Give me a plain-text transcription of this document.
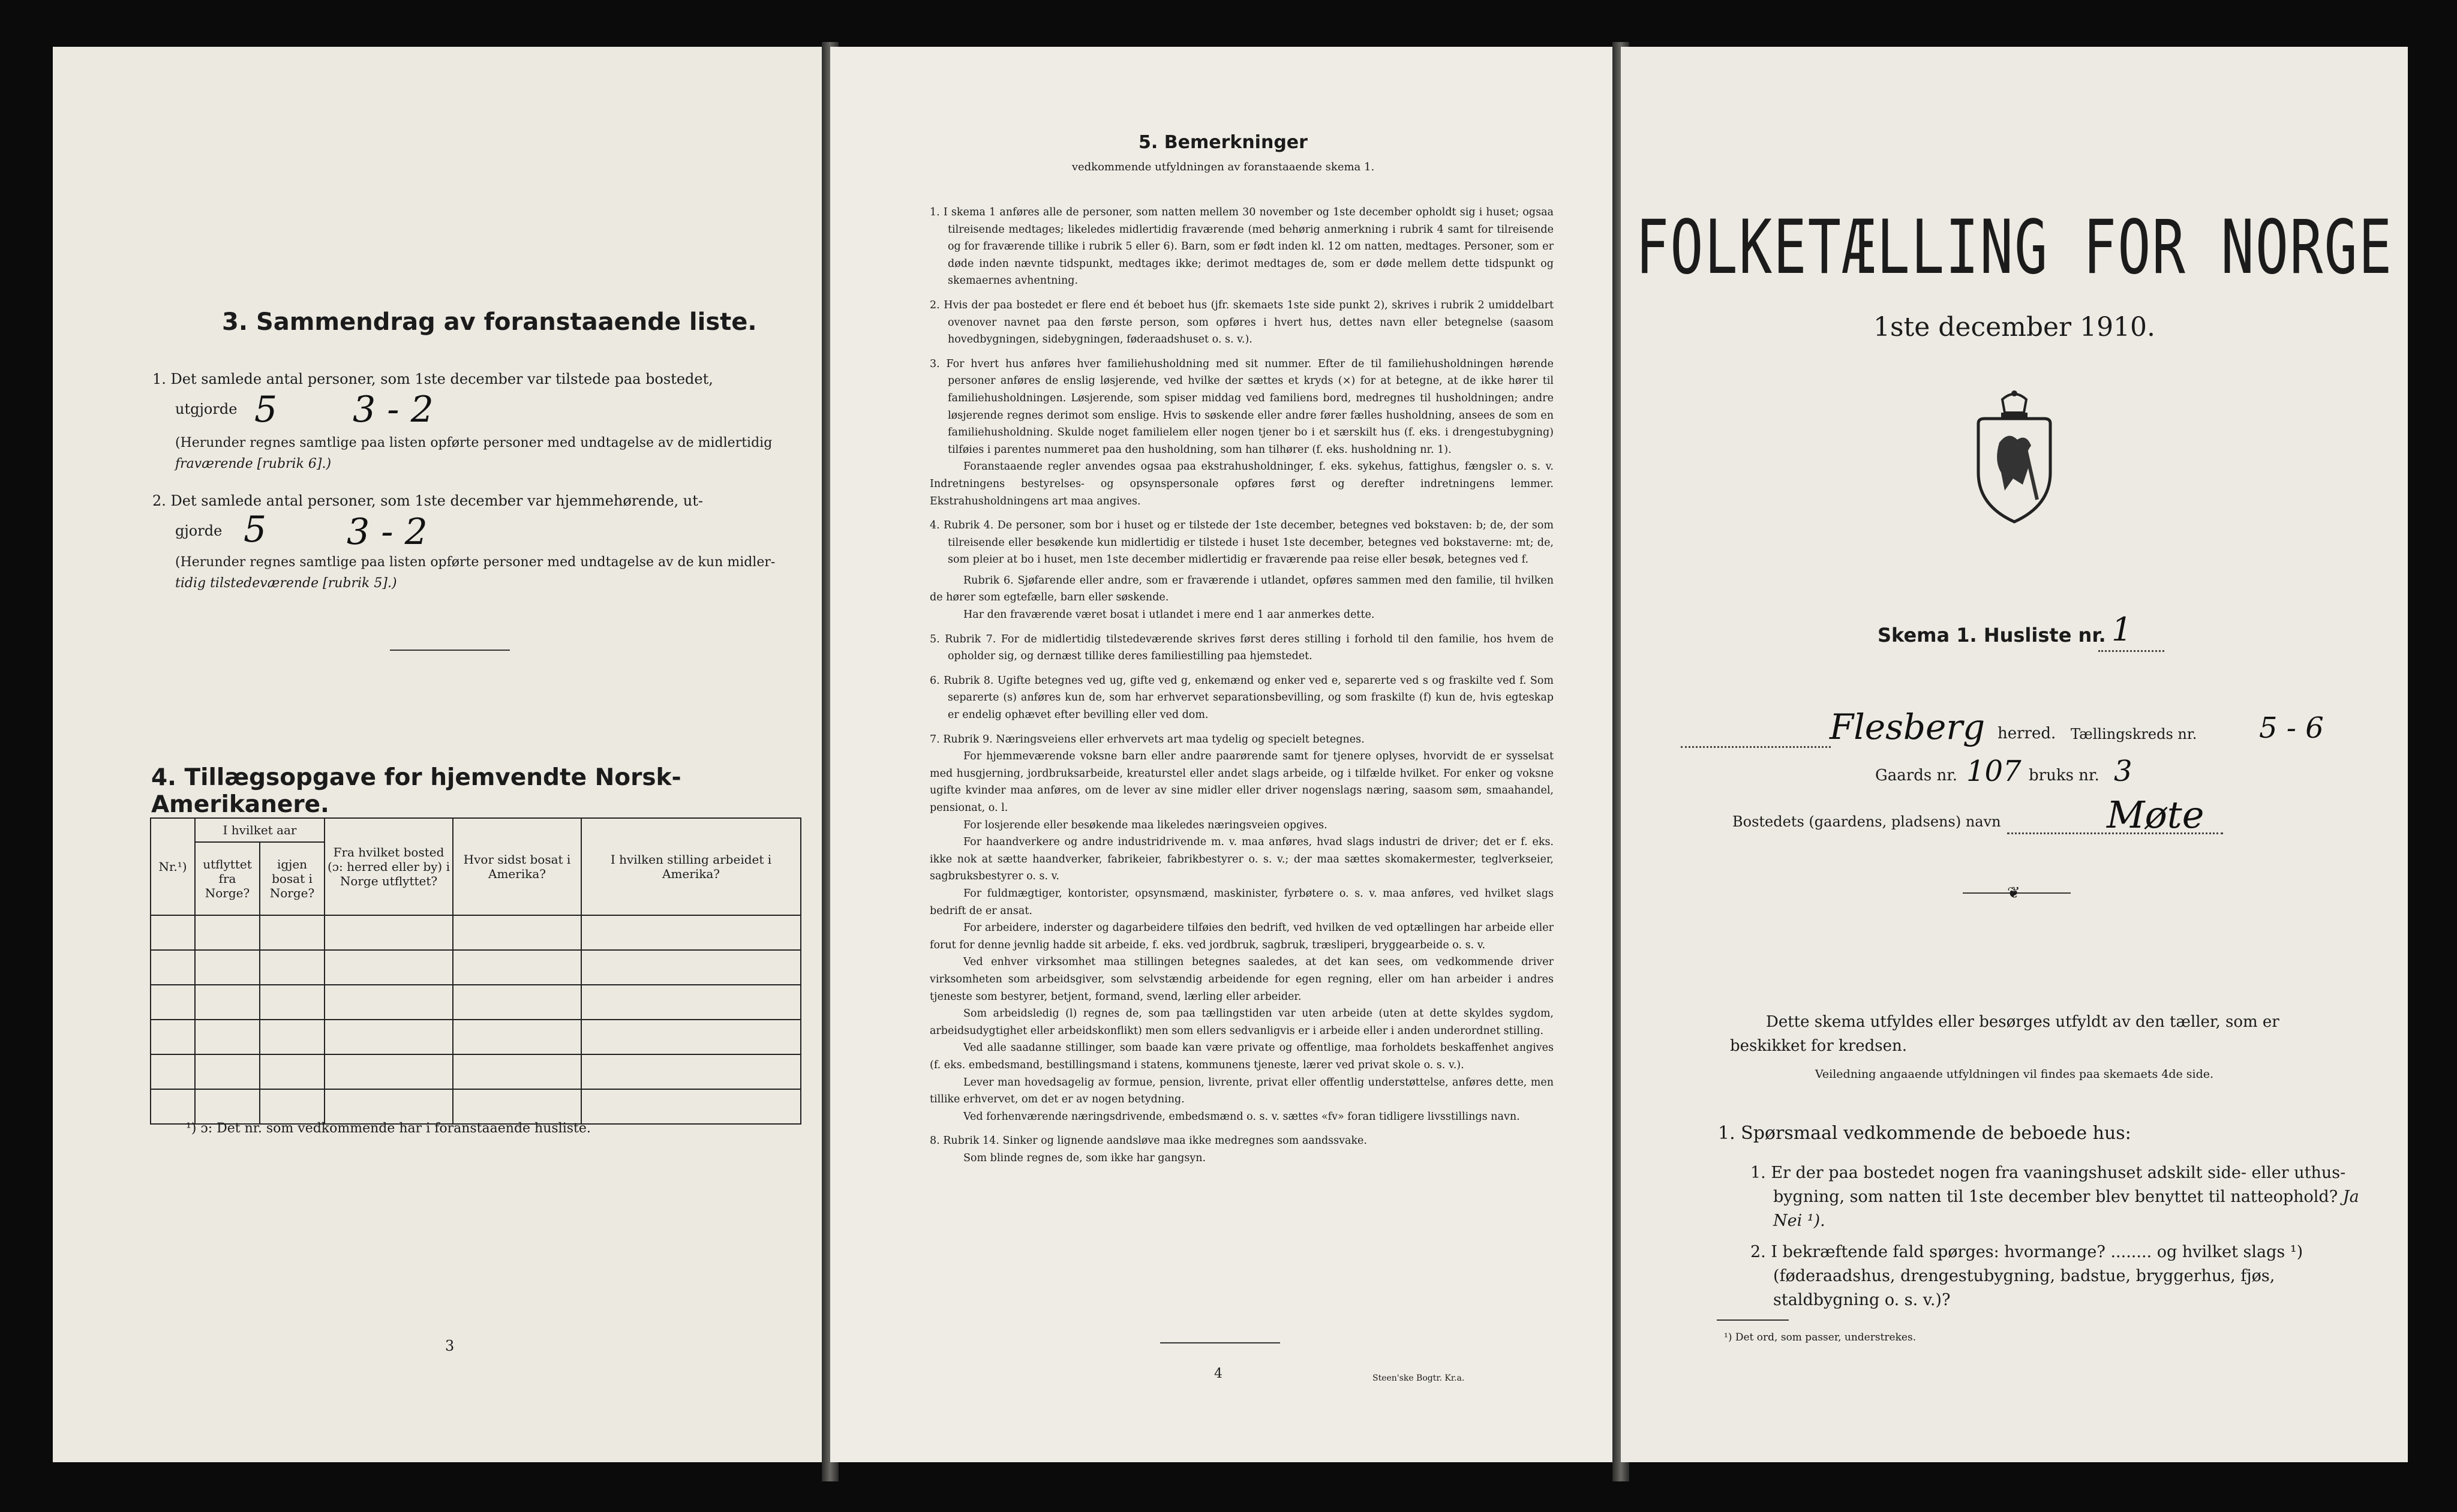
3. Sammendrag av foranstaaende liste.
1. Det samlede antal personer, som 1ste december var tilstede paa bostedet,
utgjorde 5 3 - 2
(Herunder regnes samtlige paa listen opførte personer med undtagelse av de midlertidig
fraværende [rubrik 6].)
2. Det samlede antal personer, som 1ste december var hjemmehørende, ut-
gjorde 5 3 - 2
(Herunder regnes samtlige paa listen opførte personer med undtagelse av de kun midler-
tidig tilstedeværende [rubrik 5].)
4. Tillægsopgave for hjemvendte Norsk-Amerikanere.
Nr.¹)	I hvilket aar		Fra hvilket bosted (ɔ: herred eller by) i Norge utflyttet?	Hvor sidst bosat i Amerika?	I hvilken stilling arbeidet i Amerika?
	utflyttet fra Norge?	igjen bosat i Norge?			

¹) ɔ: Det nr. som vedkommende har i foranstaaende husliste.
3
5. Bemerkninger
vedkommende utfyldningen av foranstaaende skema 1.

1. I skema 1 anføres alle de personer, som natten mellem 30 november og 1ste december opholdt sig i huset; ogsaa tilreisende medtages; likeledes midlertidig fraværende (med behørig anmerkning i rubrik 4 samt for tilreisende og for fraværende tillike i rubrik 5 eller 6). Barn, som er født inden kl. 12 om natten, medtages. Personer, som er døde inden nævnte tidspunkt, medtages ikke; derimot medtages de, som er døde mellem dette tidspunkt og skemaernes avhentning.

2. Hvis der paa bostedet er flere end ét beboet hus (jfr. skemaets 1ste side punkt 2), skrives i rubrik 2 umiddelbart ovenover navnet paa den første person, som opføres i hvert hus, dettes navn eller betegnelse (saasom hovedbygningen, sidebygningen, føderaadshuset o. s. v.).

3. For hvert hus anføres hver familiehusholdning med sit nummer. Efter de til familiehusholdningen hørende personer anføres de enslig løsjerende, ved hvilke der sættes et kryds (×) for at betegne, at de ikke hører til familiehusholdningen. Løsjerende, som spiser middag ved familiens bord, medregnes til husholdningen; andre løsjerende regnes derimot som enslige. Hvis to søskende eller andre fører fælles husholdning, ansees de som en familiehusholdning. Skulde noget familielem eller nogen tjener bo i et særskilt hus (f. eks. i drengestubygning) tilføies i parentes nummeret paa den husholdning, som han tilhører (f. eks. husholdning nr. 1).

Foranstaaende regler anvendes ogsaa paa ekstrahusholdninger, f. eks. sykehus, fattighus, fængsler o. s. v. Indretningens bestyrelses- og opsynspersonale opføres først og derefter indretningens lemmer. Ekstrahusholdningens art maa angives.

4. Rubrik 4. De personer, som bor i huset og er tilstede der 1ste december, betegnes ved bokstaven: b; de, der som tilreisende eller besøkende kun midlertidig er tilstede i huset 1ste december, betegnes ved bokstaverne: mt; de, som pleier at bo i huset, men 1ste december midlertidig er fraværende paa reise eller besøk, betegnes ved f.

Rubrik 6. Sjøfarende eller andre, som er fraværende i utlandet, opføres sammen med den familie, til hvilken de hører som egtefælle, barn eller søskende.

Har den fraværende været bosat i utlandet i mere end 1 aar anmerkes dette.

5. Rubrik 7. For de midlertidig tilstedeværende skrives først deres stilling i forhold til den familie, hos hvem de opholder sig, og dernæst tillike deres familiestilling paa hjemstedet.

6. Rubrik 8. Ugifte betegnes ved ug, gifte ved g, enkemænd og enker ved e, separerte ved s og fraskilte ved f. Som separerte (s) anføres kun de, som har erhvervet separationsbevilling, og som fraskilte (f) kun de, hvis egteskap er endelig ophævet efter bevilling eller ved dom.

7. Rubrik 9. Næringsveiens eller erhvervets art maa tydelig og specielt betegnes.

For hjemmeværende voksne barn eller andre paarørende samt for tjenere oplyses, hvorvidt de er sysselsat med husgjerning, jordbruksarbeide, kreaturstel eller andet slags arbeide, og i tilfælde hvilket. For enker og voksne ugifte kvinder maa anføres, om de lever av sine midler eller driver nogenslags næring, saasom søm, smaahandel, pensionat, o. l.

For losjerende eller besøkende maa likeledes næringsveien opgives.

For haandverkere og andre industridrivende m. v. maa anføres, hvad slags industri de driver; det er f. eks. ikke nok at sætte haandverker, fabrikeier, fabrikbestyrer o. s. v.; der maa sættes skomakermester, teglverkseier, sagbruksbestyrer o. s. v.

For fuldmægtiger, kontorister, opsynsmænd, maskinister, fyrbøtere o. s. v. maa anføres, ved hvilket slags bedrift de er ansat.

For arbeidere, inderster og dagarbeidere tilføies den bedrift, ved hvilken de ved optællingen har arbeide eller forut for denne jevnlig hadde sit arbeide, f. eks. ved jordbruk, sagbruk, træsliperi, bryggearbeide o. s. v.

Ved enhver virksomhet maa stillingen betegnes saaledes, at det kan sees, om vedkommende driver virksomheten som arbeidsgiver, som selvstændig arbeidende for egen regning, eller om han arbeider i andres tjeneste som bestyrer, betjent, formand, svend, lærling eller arbeider.

Som arbeidsledig (l) regnes de, som paa tællingstiden var uten arbeide (uten at dette skyldes sygdom, arbeidsudygtighet eller arbeidskonflikt) men som ellers sedvanligvis er i arbeide eller i anden underordnet stilling.

Ved alle saadanne stillinger, som baade kan være private og offentlige, maa forholdets beskaffenhet angives (f. eks. embedsmand, bestillingsmand i statens, kommunens tjeneste, lærer ved privat skole o. s. v.).

Lever man hovedsagelig av formue, pension, livrente, privat eller offentlig understøttelse, anføres dette, men tillike erhvervet, om det er av nogen betydning.

Ved forhenværende næringsdrivende, embedsmænd o. s. v. sættes «fv» foran tidligere livsstillings navn.

8. Rubrik 14. Sinker og lignende aandsløve maa ikke medregnes som aandssvake.

Som blinde regnes de, som ikke har gangsyn.

4	Steen'ske Bogtr. Kr.a.
FOLKETÆLLING FOR NORGE
1ste december 1910.
Skema 1. Husliste nr. 1
Flesberg herred. Tællingskreds nr. 5 - 6
Gaards nr. 107 bruks nr. 3
Bostedets (gaardens, pladsens) navn	Møte
❦
Dette skema utfyldes eller besørges utfyldt av den tæller, som er beskikket for kredsen.
Veiledning angaaende utfyldningen vil findes paa skemaets 4de side.
1. Spørsmaal vedkommende de beboede hus:
1. Er der paa bostedet nogen fra vaaningshuset adskilt side- eller uthus-bygning, som natten til 1ste december blev benyttet til natteophold? Ja Nei ¹).
2. I bekræftende fald spørges: hvormange? ........ og hvilket slags ¹) (føderaadshus, drengestubygning, badstue, bryggerhus, fjøs, staldbygning o. s. v.)?
¹) Det ord, som passer, understrekes.
